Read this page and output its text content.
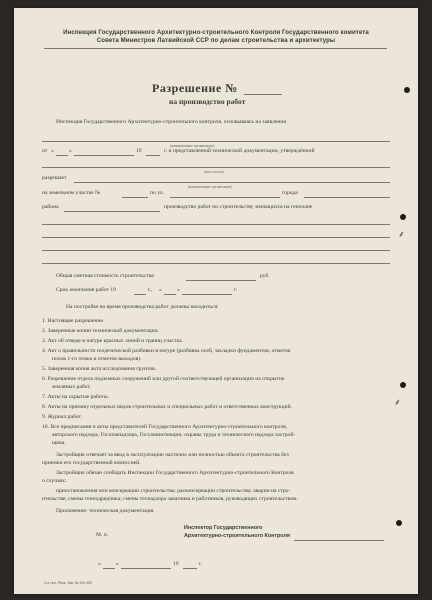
Инспекция Государственного Архитектурно-строительного Контроля Государственного комитета
Совета Министров Латвийской ССР по делам строительства и архитектуры
Разрешение №
на производство работ
Инспекция Государственного Архитектурно-строительного контроля, основываясь на заявлении
(наименование организации)
от «	»	19	г. и представленной технической документации, утверждённой
(кем и когда)
разрешает
(наименование организации)
на земельном участке №	по ул.	города
района	производство работ по строительству значащихся на генплане
Общая сметная стоимость строительства	руб.
Срок окончания работ 19	г., «	»	г.
На постройке во время производства работ должны находиться:
1. Настоящее разрешение.
2. Заверенные копии технической документации.
3. Акт об отводе в натуре красных линий и границ участка.
4. Акт о правильности геодезической разбивки в натуре (разбивка осей, закладки фундаментов, отметок
полов 1-го этажа и отметок выходов).
5. Заверенная копия акта исследования грунтов.
6. Разрешение отдела подземных сооружений или другой соответствующей организации на открытие
земляных работ.
7. Акты на скрытые работы.
8. Акты на приемку отдельных видов строительных и специальных работ и ответственных конструкций.
9. Журнал работ.
10. Все предписания и акты представителей Государственного Архитектурно-строительного контроля,
авторского надзора, Госпожнадзора, Госсанинспекции, охраны труда и технического надзора застрой-
щика.
Застройщик отвечает за ввод в эксплуатацию частично или полностью объекта строительства без
приемки его государственной комиссией.
Застройщик обязан сообщать Инспекции Государственного Архитектурно-строительного Контроля
о случаях:
приостановления или консервации строительства; расконсервации строительства; аварии на стро-
ительстве; смены генподрядчика; смены технадзора заказчика и работников, руководящих строительством.
Приложение: техническая документация.
М. п.
Инспектор Государственного
Архитектурно-строительного Контроля
«	»	19	г.
3-я тип. Рига. Зак. № 0/9 400
⸙
⸙
